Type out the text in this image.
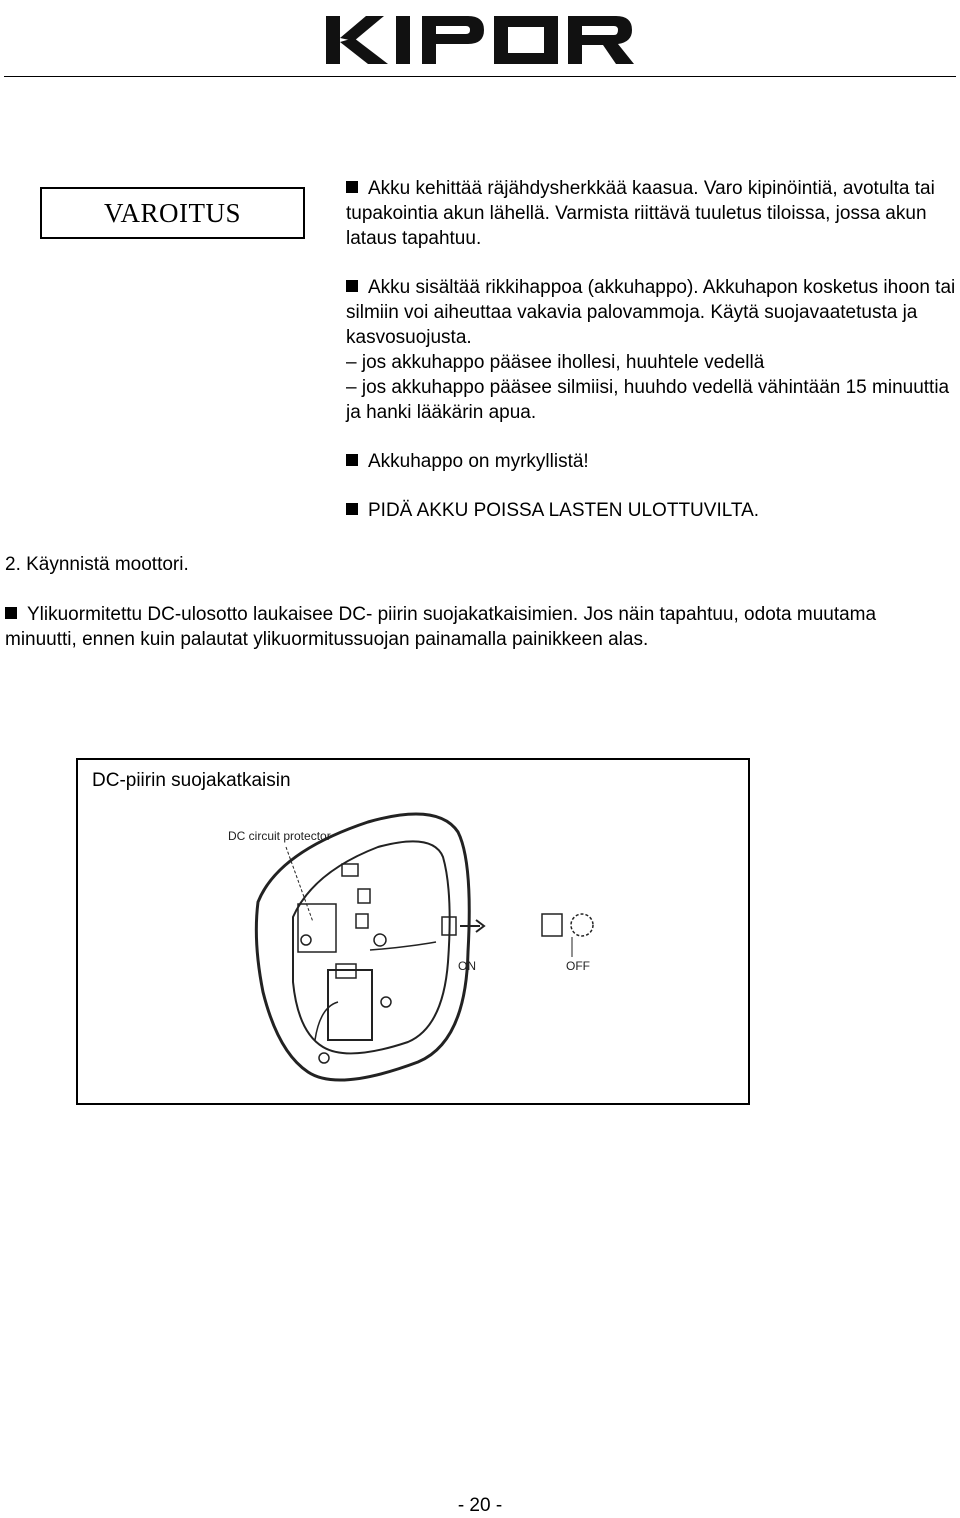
VAROITUS

Akku kehittää räjähdysherkkää kaasua. Varo kipinöintiä, avotulta tai tupakointia akun lähellä. Varmista riittävä tuuletus tiloissa, jossa akun lataus tapahtuu.

Akku sisältää rikkihappoa (akkuhappo). Akkuhapon kosketus ihoon tai silmiin voi aiheuttaa vakavia palovammoja. Käytä suojavaatetusta ja kasvosuojusta.
– jos akkuhappo pääsee ihollesi, huuhtele vedellä
– jos akkuhappo pääsee silmiisi, huuhdo vedellä vähintään 15 minuuttia ja hanki lääkärin apua.

Akkuhappo on myrkyllistä!

PIDÄ AKKU POISSA LASTEN ULOTTUVILTA.

2. Käynnistä moottori.
Ylikuormitettu DC-ulosotto laukaisee DC- piirin suojakatkaisimien. Jos näin tapahtuu, odota muutama minuutti, ennen kuin palautat ylikuormitussuojan painamalla painikkeen alas.
DC-piirin suojakatkaisin
DC circuit protector
ON	OFF
- 20 -
